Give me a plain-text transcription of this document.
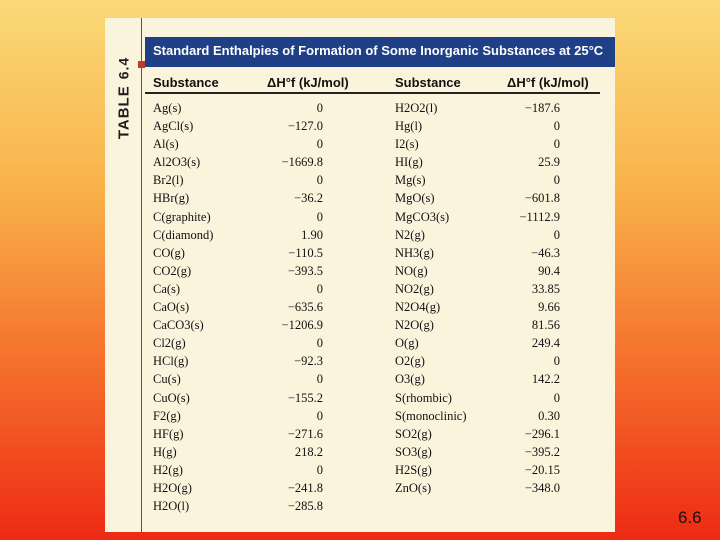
TABLE6.4
Standard Enthalpies of Formation of Some Inorganic Substances at 25°C
Substance	ΔH°f (kJ/mol)	Substance	ΔH°f (kJ/mol)
Ag(s)	0	H2O2(l)	−187.6
AgCl(s)	−127.0	Hg(l)	0
Al(s)	0	I2(s)	0
Al2O3(s)	−1669.8	HI(g)	25.9
Br2(l)	0	Mg(s)	0
HBr(g)	−36.2	MgO(s)	−601.8
C(graphite)	0	MgCO3(s)	−1112.9
C(diamond)	1.90	N2(g)	0
CO(g)	−110.5	NH3(g)	−46.3
CO2(g)	−393.5	NO(g)	90.4
Ca(s)	0	NO2(g)	33.85
CaO(s)	−635.6	N2O4(g)	9.66
CaCO3(s)	−1206.9	N2O(g)	81.56
Cl2(g)	0	O(g)	249.4
HCl(g)	−92.3	O2(g)	0
Cu(s)	0	O3(g)	142.2
CuO(s)	−155.2	S(rhombic)	0
F2(g)	0	S(monoclinic)	0.30
HF(g)	−271.6	SO2(g)	−296.1
H(g)	218.2	SO3(g)	−395.2
H2(g)	0	H2S(g)	−20.15
H2O(g)	−241.8	ZnO(s)	−348.0
H2O(l)	−285.8
6.6
